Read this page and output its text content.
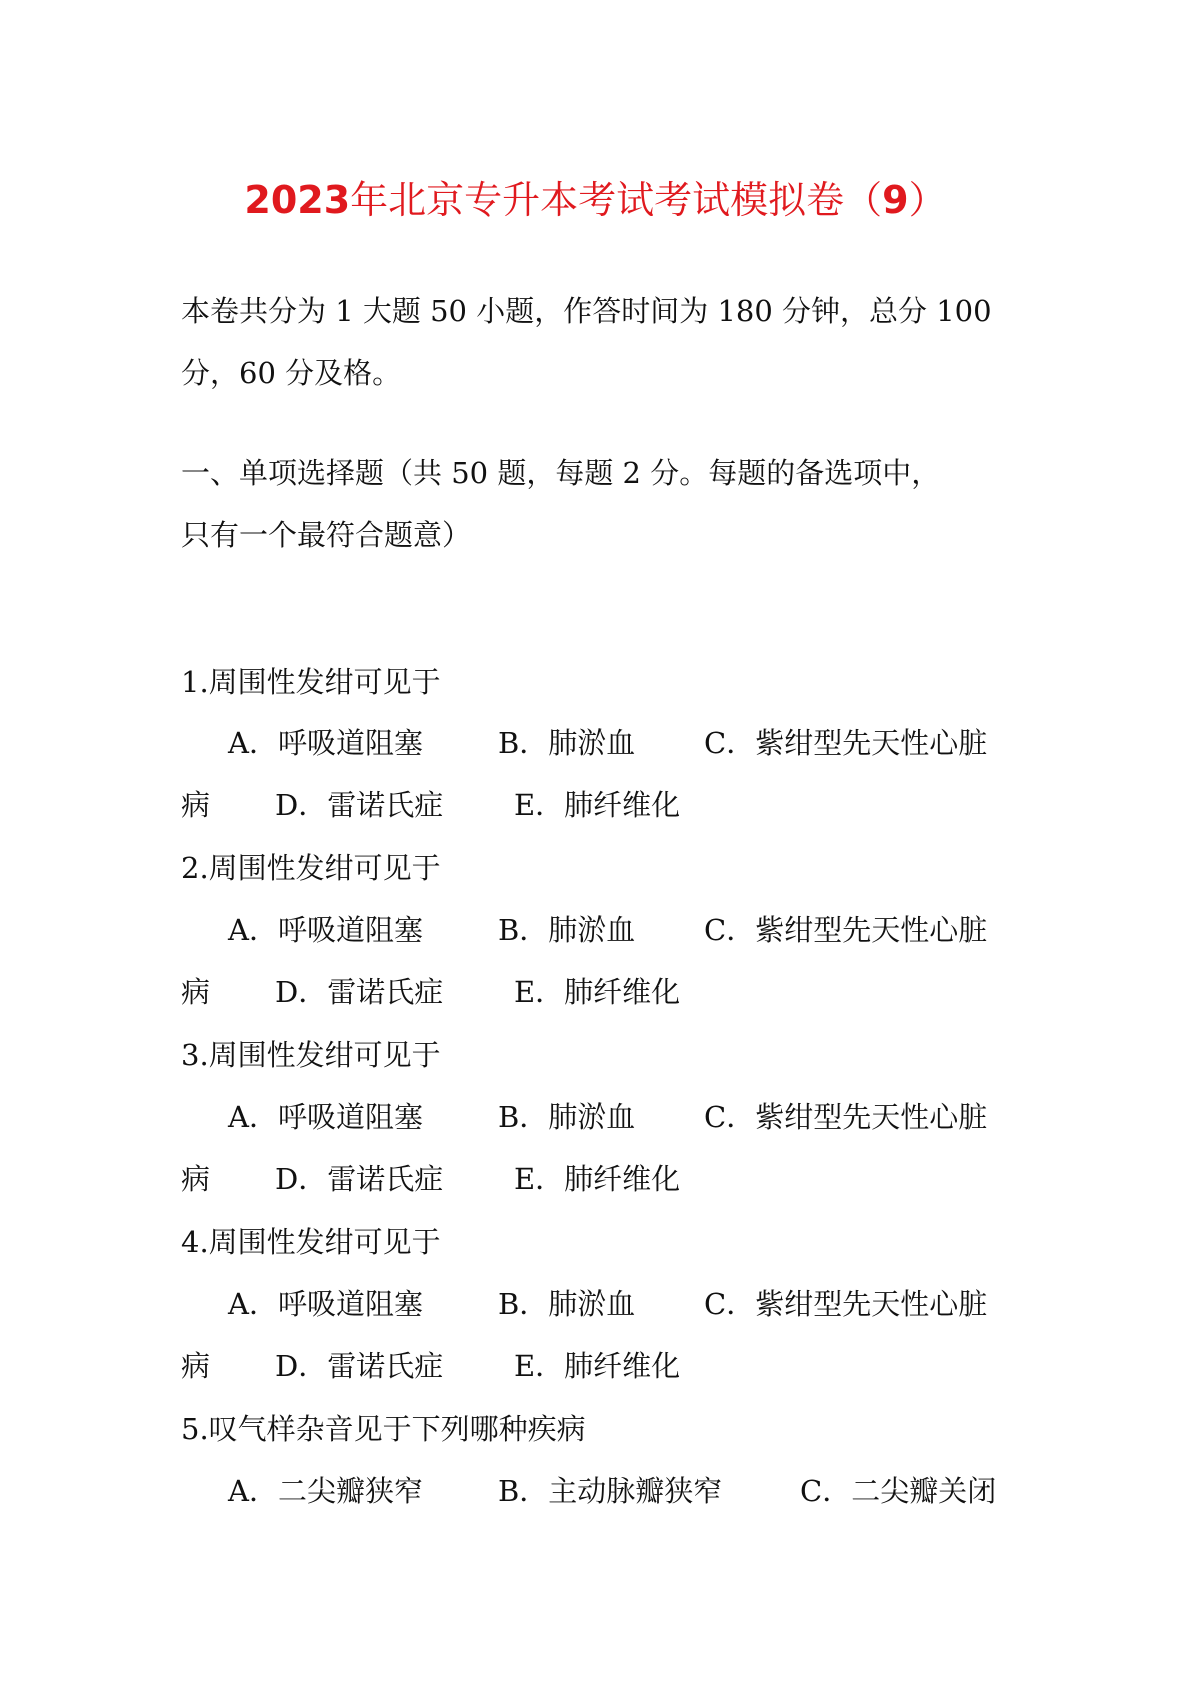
2023年北京专升本考试考试模拟卷（9）
本卷共分为 1 大题 50 小题，作答时间为 180 分钟，总分 100
分，60 分及格。
一、单项选择题（共 50 题，每题 2 分。每题的备选项中，
只有一个最符合题意）
1.周围性发绀可见于
A．呼吸道阻塞	B．肺淤血 C．紫绀型先天性心脏
病 D．雷诺氏症 E．肺纤维化
2.周围性发绀可见于
A．呼吸道阻塞	B．肺淤血 C．紫绀型先天性心脏
病 D．雷诺氏症 E．肺纤维化
3.周围性发绀可见于
A．呼吸道阻塞	B．肺淤血 C．紫绀型先天性心脏
病 D．雷诺氏症 E．肺纤维化
4.周围性发绀可见于
A．呼吸道阻塞	B．肺淤血 C．紫绀型先天性心脏
病 D．雷诺氏症 E．肺纤维化
5.叹气样杂音见于下列哪种疾病
A．二尖瓣狭窄	B．主动脉瓣狭窄	C．二尖瓣关闭
